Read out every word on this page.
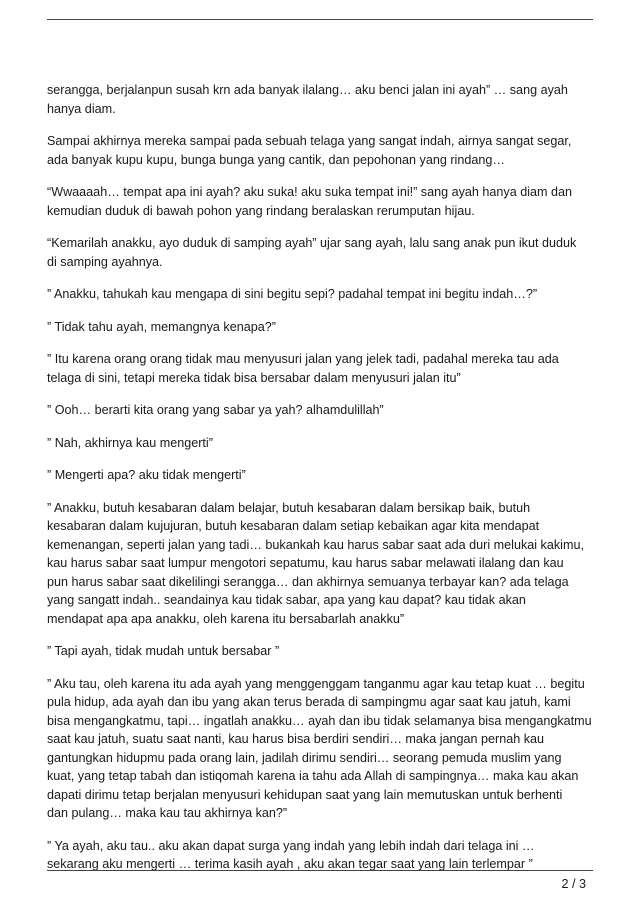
serangga, berjalanpun susah krn ada banyak ilalang… aku benci jalan ini ayah” … sang ayah
hanya diam.

Sampai akhirnya mereka sampai pada sebuah telaga yang sangat indah, airnya sangat segar,
ada banyak kupu kupu, bunga bunga yang cantik, dan pepohonan yang rindang…

“Wwaaaah… tempat apa ini ayah? aku suka! aku suka tempat ini!” sang ayah hanya diam dan
kemudian duduk di bawah pohon yang rindang beralaskan rerumputan hijau.

“Kemarilah anakku, ayo duduk di samping ayah” ujar sang ayah, lalu sang anak pun ikut duduk
di samping ayahnya.

” Anakku, tahukah kau mengapa di sini begitu sepi? padahal tempat ini begitu indah…?”

” Tidak tahu ayah, memangnya kenapa?”

” Itu karena orang orang tidak mau menyusuri jalan yang jelek tadi, padahal mereka tau ada
telaga di sini, tetapi mereka tidak bisa bersabar dalam menyusuri jalan itu”

” Ooh… berarti kita orang yang sabar ya yah? alhamdulillah”

” Nah, akhirnya kau mengerti”

” Mengerti apa? aku tidak mengerti”

” Anakku, butuh kesabaran dalam belajar, butuh kesabaran dalam bersikap baik, butuh
kesabaran dalam kujujuran, butuh kesabaran dalam setiap kebaikan agar kita mendapat
kemenangan, seperti jalan yang tadi… bukankah kau harus sabar saat ada duri melukai kakimu,
kau harus sabar saat lumpur mengotori sepatumu, kau harus sabar melawati ilalang dan kau
pun harus sabar saat dikelilingi serangga… dan akhirnya semuanya terbayar kan? ada telaga
yang sangatt indah.. seandainya kau tidak sabar, apa yang kau dapat? kau tidak akan
mendapat apa apa anakku, oleh karena itu bersabarlah anakku”

” Tapi ayah, tidak mudah untuk bersabar ”

” Aku tau, oleh karena itu ada ayah yang menggenggam tanganmu agar kau tetap kuat … begitu
pula hidup, ada ayah dan ibu yang akan terus berada di sampingmu agar saat kau jatuh, kami
bisa mengangkatmu, tapi… ingatlah anakku… ayah dan ibu tidak selamanya bisa mengangkatmu
saat kau jatuh, suatu saat nanti, kau harus bisa berdiri sendiri… maka jangan pernah kau
gantungkan hidupmu pada orang lain, jadilah dirimu sendiri… seorang pemuda muslim yang
kuat, yang tetap tabah dan istiqomah karena ia tahu ada Allah di sampingnya… maka kau akan
dapati dirimu tetap berjalan menyusuri kehidupan saat yang lain memutuskan untuk berhenti
dan pulang… maka kau tau akhirnya kan?”

” Ya ayah, aku tau.. aku akan dapat surga yang indah yang lebih indah dari telaga ini …
sekarang aku mengerti … terima kasih ayah , aku akan tegar saat yang lain terlempar ”

2 / 3
